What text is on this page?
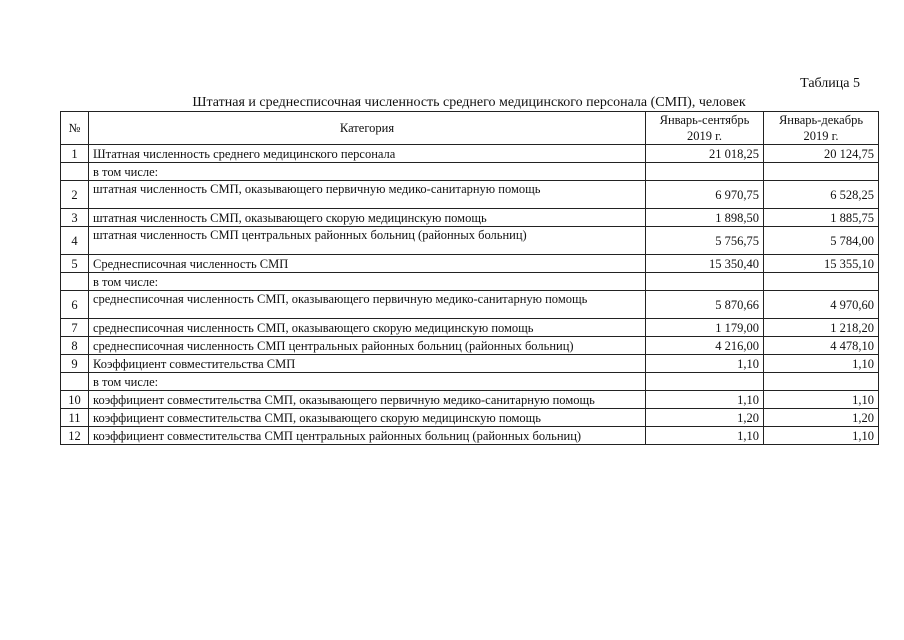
Таблица 5
Штатная и среднесписочная численность среднего медицинского персонала (СМП), человек
№	Категория	Январь-сентябрь 2019 г.	Январь-декабрь 2019 г.
1	Штатная численность среднего медицинского персонала	21 018,25	20 124,75
	в том числе:		
2	штатная численность СМП, оказывающего первичную медико-санитарную помощь	6 970,75	6 528,25
3	штатная численность СМП, оказывающего скорую медицинскую помощь	1 898,50	1 885,75
4	штатная численность СМП центральных районных больниц (районных больниц)	5 756,75	5 784,00
5	Среднесписочная численность СМП	15 350,40	15 355,10
	в том числе:		
6	среднесписочная численность СМП, оказывающего первичную медико-санитарную помощь	5 870,66	4 970,60
7	среднесписочная численность СМП, оказывающего скорую медицинскую помощь	1 179,00	1 218,20
8	среднесписочная численность СМП центральных районных больниц (районных больниц)	4 216,00	4 478,10
9	Коэффициент совместительства СМП	1,10	1,10
	в том числе:		
10	коэффициент совместительства СМП, оказывающего первичную медико-санитарную помощь	1,10	1,10
11	коэффициент совместительства СМП, оказывающего скорую медицинскую помощь	1,20	1,20
12	коэффициент совместительства СМП центральных районных больниц (районных больниц)	1,10	1,10
